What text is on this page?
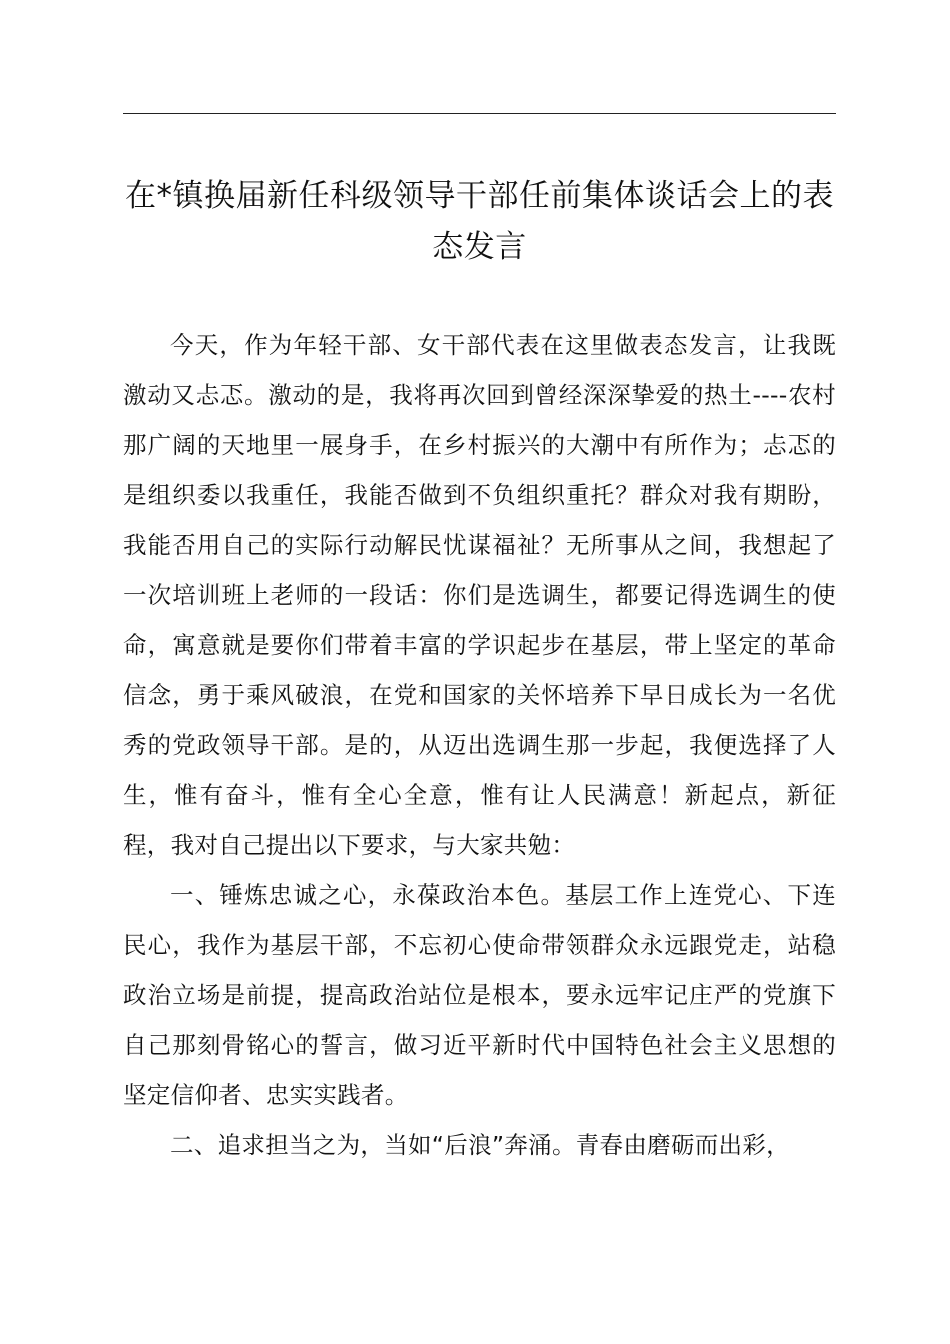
在*镇换届新任科级领导干部任前集体谈话会上的表态发言

今天，作为年轻干部、女干部代表在这里做表态发言，让我既激动又忐忑。激动的是，我将再次回到曾经深深挚爱的热土----农村那广阔的天地里一展身手，在乡村振兴的大潮中有所作为；忐忑的是组织委以我重任，我能否做到不负组织重托？群众对我有期盼，我能否用自己的实际行动解民忧谋福祉？无所事从之间，我想起了一次培训班上老师的一段话：你们是选调生，都要记得选调生的使命，寓意就是要你们带着丰富的学识起步在基层，带上坚定的革命信念，勇于乘风破浪，在党和国家的关怀培养下早日成长为一名优秀的党政领导干部。是的，从迈出选调生那一步起，我便选择了人生，惟有奋斗，惟有全心全意，惟有让人民满意！新起点，新征程，我对自己提出以下要求，与大家共勉：

一、锤炼忠诚之心，永葆政治本色。基层工作上连党心、下连民心，我作为基层干部，不忘初心使命带领群众永远跟党走，站稳政治立场是前提，提高政治站位是根本，要永远牢记庄严的党旗下自己那刻骨铭心的誓言，做习近平新时代中国特色社会主义思想的坚定信仰者、忠实实践者。

二、追求担当之为，当如“后浪”奔涌。青春由磨砺而出彩，
